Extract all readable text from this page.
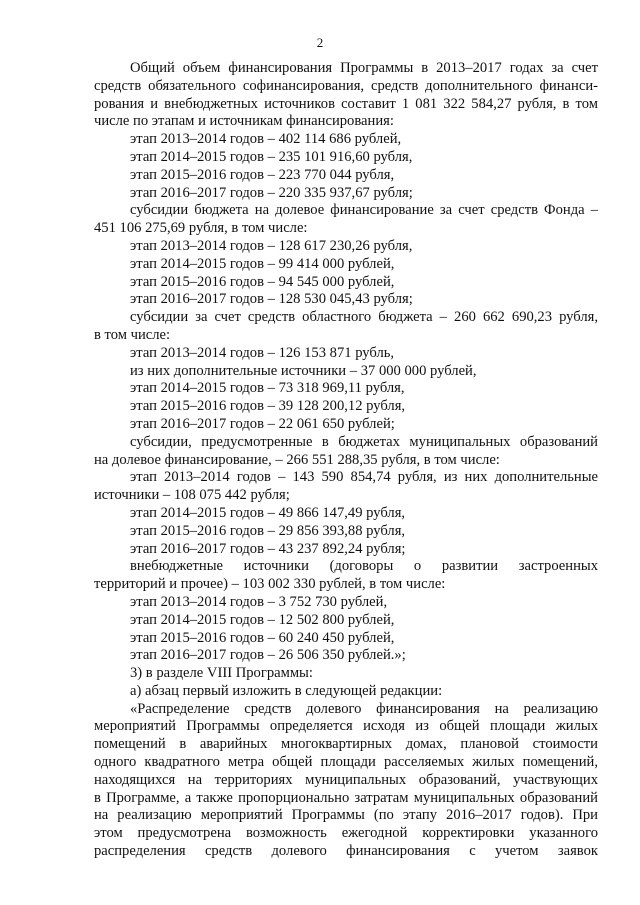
2
Общий объем финансирования Программы в 2013–2017 годах за счет
средств обязательного софинансирования, средств дополнительного финанси-
рования и внебюджетных источников составит 1 081 322 584,27 рубля, в том
числе по этапам и источникам финансирования:
этап 2013–2014 годов – 402 114 686 рублей,
этап 2014–2015 годов – 235 101 916,60 рубля,
этап 2015–2016 годов – 223 770 044 рубля,
этап 2016–2017 годов – 220 335 937,67 рубля;
субсидии бюджета на долевое финансирование за счет средств Фонда –
451 106 275,69 рубля, в том числе:
этап 2013–2014 годов – 128 617 230,26 рубля,
этап 2014–2015 годов – 99 414 000 рублей,
этап 2015–2016 годов – 94 545 000 рублей,
этап 2016–2017 годов – 128 530 045,43 рубля;
субсидии за счет средств областного бюджета – 260 662 690,23 рубля,
в том числе:
этап 2013–2014 годов – 126 153 871 рубль,
из них дополнительные источники – 37 000 000 рублей,
этап 2014–2015 годов – 73 318 969,11 рубля,
этап 2015–2016 годов – 39 128 200,12 рубля,
этап 2016–2017 годов – 22 061 650 рублей;
субсидии, предусмотренные в бюджетах муниципальных образований
на долевое финансирование, – 266 551 288,35 рубля, в том числе:
этап 2013–2014 годов – 143 590 854,74 рубля, из них дополнительные
источники – 108 075 442 рубля;
этап 2014–2015 годов – 49 866 147,49 рубля,
этап 2015–2016 годов – 29 856 393,88 рубля,
этап 2016–2017 годов – 43 237 892,24 рубля;
внебюджетные источники (договоры о развитии застроенных
территорий и прочее) – 103 002 330 рублей, в том числе:
этап 2013–2014 годов – 3 752 730 рублей,
этап 2014–2015 годов – 12 502 800 рублей,
этап 2015–2016 годов – 60 240 450 рублей,
этап 2016–2017 годов – 26 506 350 рублей.»;
3) в разделе VIII Программы:
а) абзац первый изложить в следующей редакции:
«Распределение средств долевого финансирования на реализацию
мероприятий Программы определяется исходя из общей площади жилых
помещений в аварийных многоквартирных домах, плановой стоимости
одного квадратного метра общей площади расселяемых жилых помещений,
находящихся на территориях муниципальных образований, участвующих
в Программе, а также пропорционально затратам муниципальных образований
на реализацию мероприятий Программы (по этапу 2016–2017 годов). При
этом предусмотрена возможность ежегодной корректировки указанного
распределения средств долевого финансирования с учетом заявок
